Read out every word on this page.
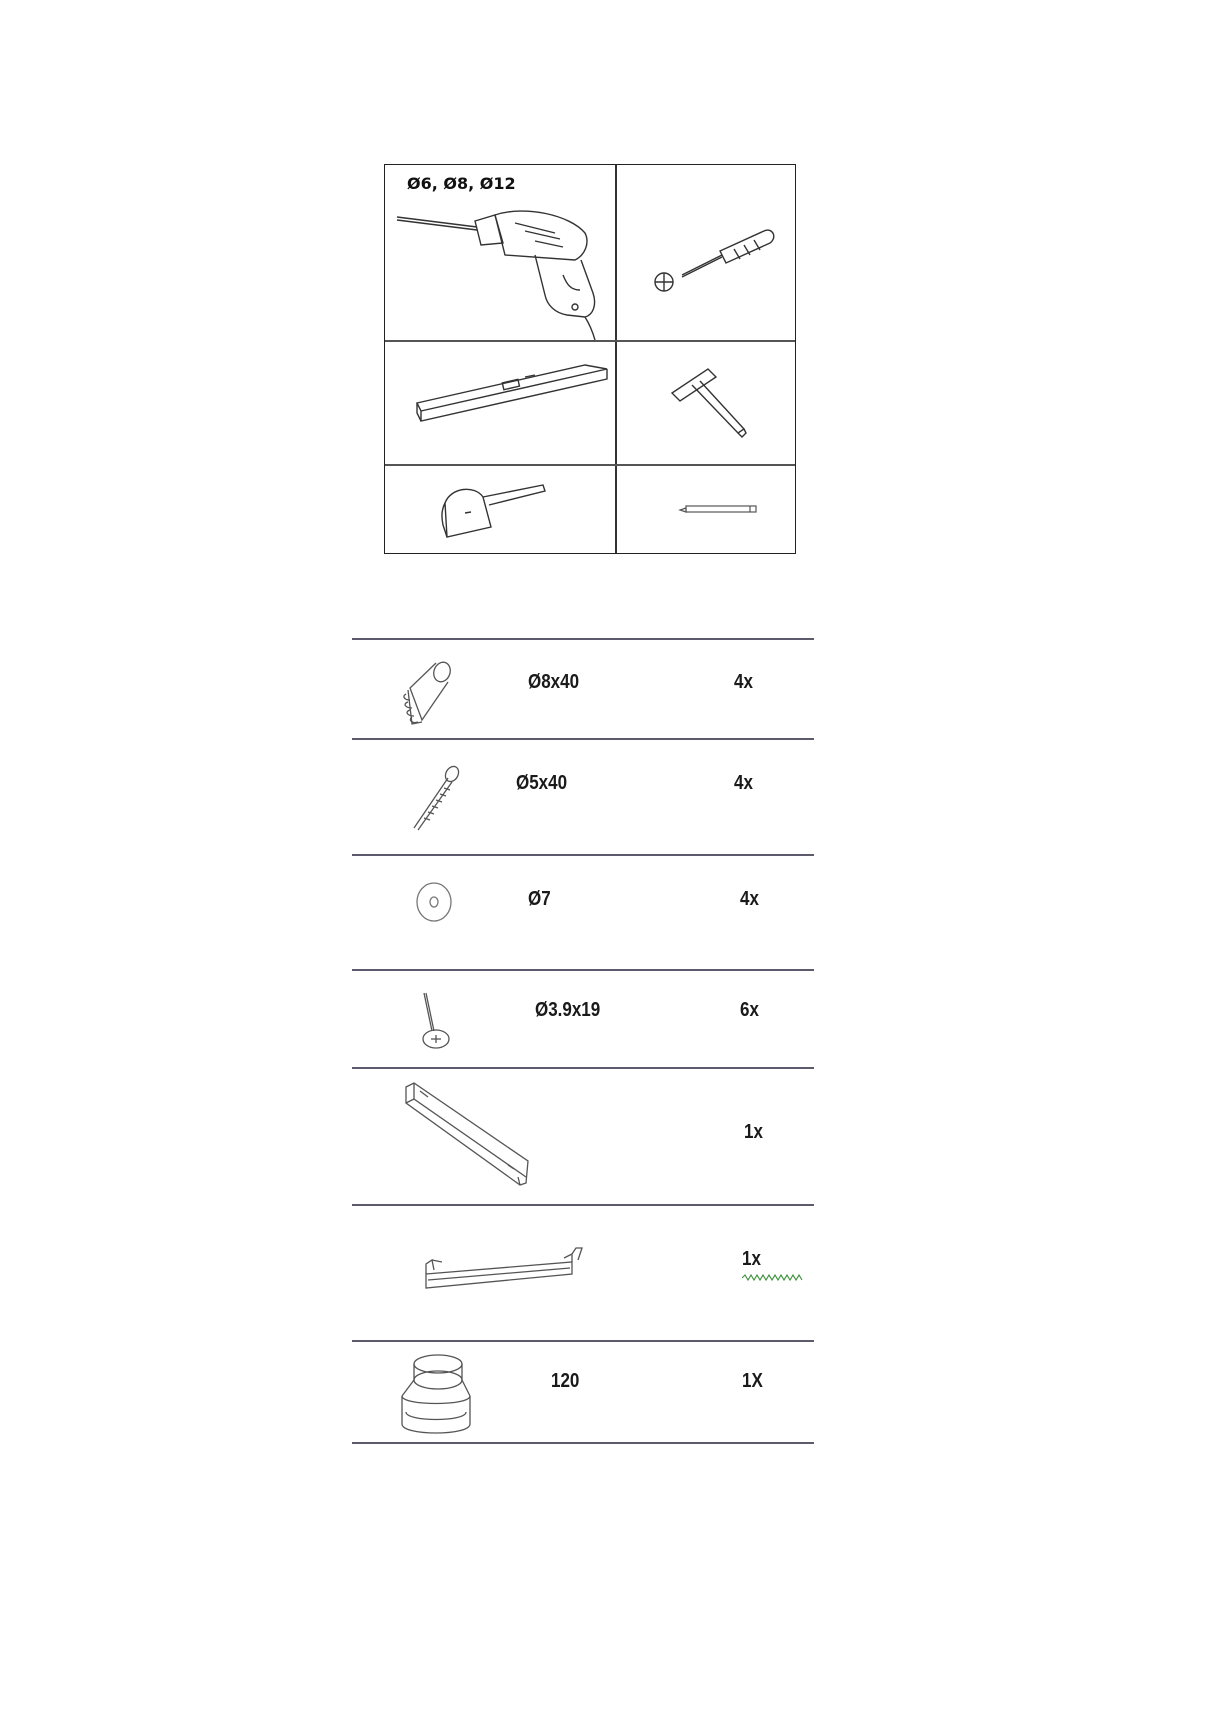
Ø6, Ø8, Ø12
Ø8x40	4x
Ø5x40	4x
Ø7	4x
Ø3.9x19	6x
1x
1x
120	1X
